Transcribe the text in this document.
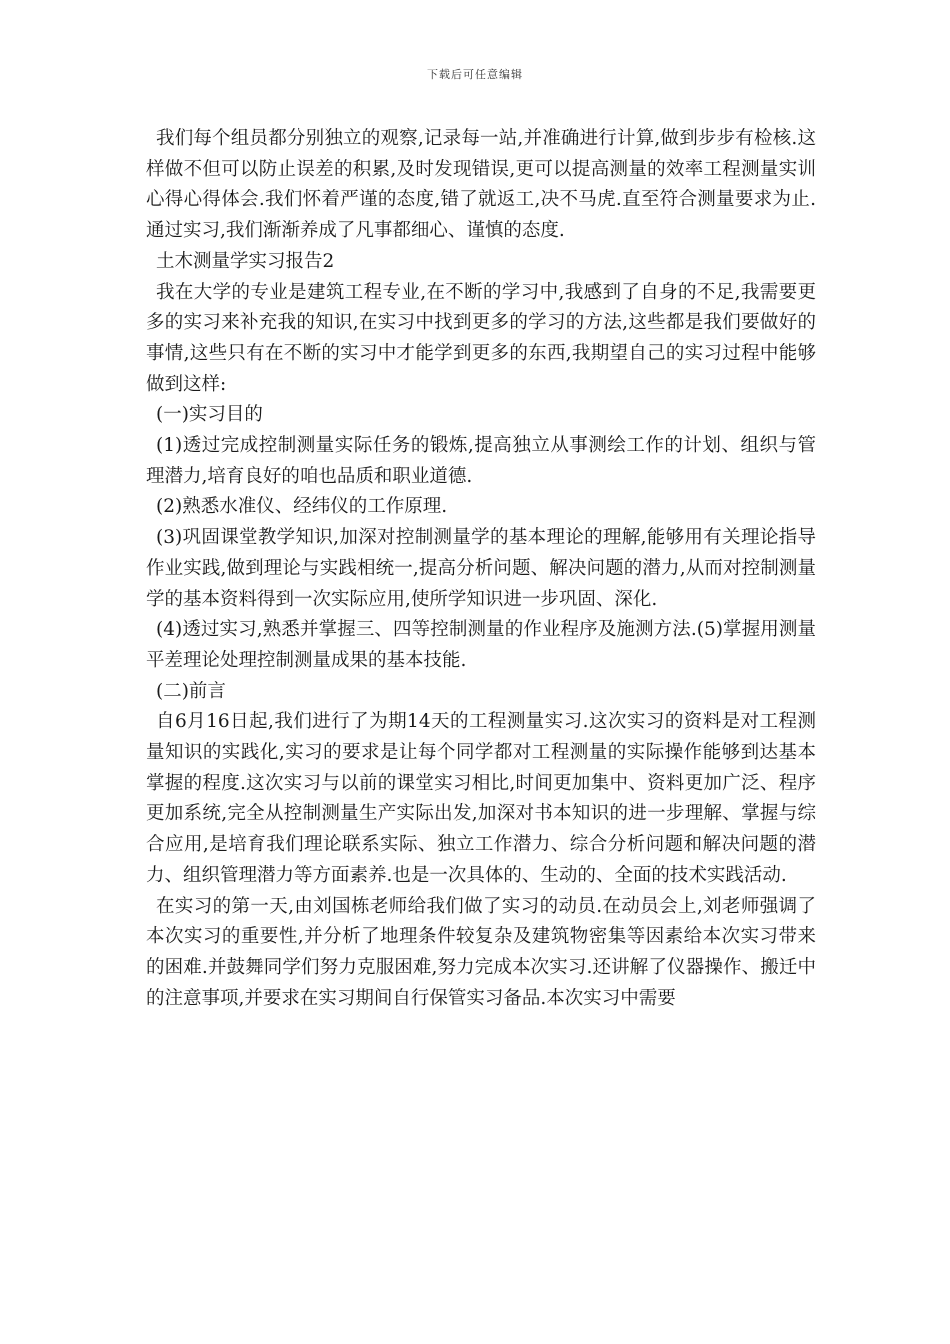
下载后可任意编辑

我们每个组员都分别独立的观察,记录每一站,并准确进行计算,做到步步有检核.这样做不但可以防止误差的积累,及时发现错误,更可以提高测量的效率工程测量实训心得心得体会.我们怀着严谨的态度,错了就返工,决不马虎.直至符合测量要求为止.通过实习,我们渐渐养成了凡事都细心、谨慎的态度.

土木测量学实习报告2

我在大学的专业是建筑工程专业,在不断的学习中,我感到了自身的不足,我需要更多的实习来补充我的知识,在实习中找到更多的学习的方法,这些都是我们要做好的事情,这些只有在不断的实习中才能学到更多的东西,我期望自己的实习过程中能够做到这样:

(一)实习目的

(1)透过完成控制测量实际任务的锻炼,提高独立从事测绘工作的计划、组织与管理潜力,培育良好的咱也品质和职业道德.

(2)熟悉水准仪、经纬仪的工作原理.

(3)巩固课堂教学知识,加深对控制测量学的基本理论的理解,能够用有关理论指导作业实践,做到理论与实践相统一,提高分析问题、解决问题的潜力,从而对控制测量学的基本资料得到一次实际应用,使所学知识进一步巩固、深化.

(4)透过实习,熟悉并掌握三、四等控制测量的作业程序及施测方法.(5)掌握用测量平差理论处理控制测量成果的基本技能.

(二)前言

自6月16日起,我们进行了为期14天的工程测量实习.这次实习的资料是对工程测量知识的实践化,实习的要求是让每个同学都对工程测量的实际操作能够到达基本掌握的程度.这次实习与以前的课堂实习相比,时间更加集中、资料更加广泛、程序更加系统,完全从控制测量生产实际出发,加深对书本知识的进一步理解、掌握与综合应用,是培育我们理论联系实际、独立工作潜力、综合分析问题和解决问题的潜力、组织管理潜力等方面素养.也是一次具体的、生动的、全面的技术实践活动.

在实习的第一天,由刘国栋老师给我们做了实习的动员.在动员会上,刘老师强调了本次实习的重要性,并分析了地理条件较复杂及建筑物密集等因素给本次实习带来的困难.并鼓舞同学们努力克服困难,努力完成本次实习.还讲解了仪器操作、搬迁中的注意事项,并要求在实习期间自行保管实习备品.本次实习中需要
